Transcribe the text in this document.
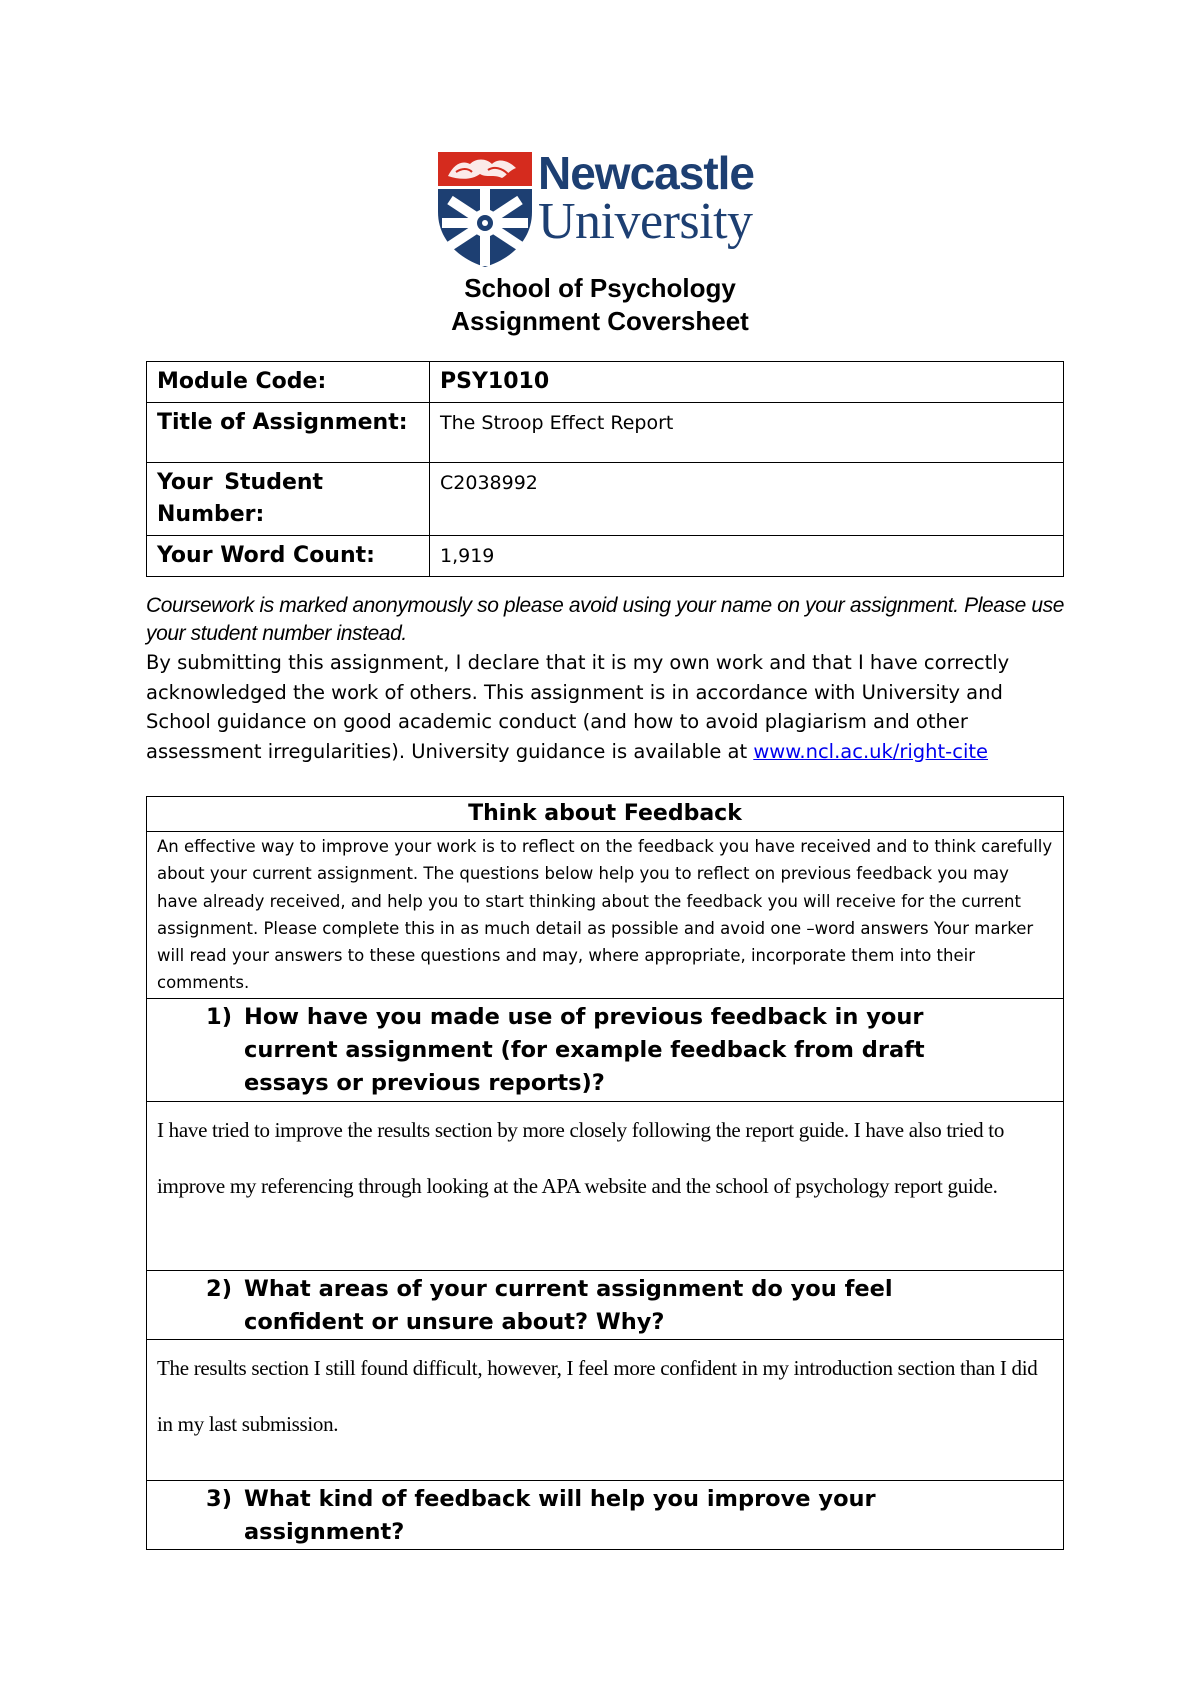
Newcastle
University
School of Psychology
Assignment Coversheet
Module Code:	PSY1010
Title of Assignment:	The Stroop Effect Report
Your Student Number:	C2038992
Your Word Count:	1,919
Coursework is marked anonymously so please avoid using your name on your assignment. Please use your student number instead.
By submitting this assignment, I declare that it is my own work and that I have correctly acknowledged the work of others. This assignment is in accordance with University and School guidance on good academic conduct (and how to avoid plagiarism and other assessment irregularities). University guidance is available at www.ncl.ac.uk/right-cite
Think about Feedback
An effective way to improve your work is to reflect on the feedback you have received and to think carefully about your current assignment. The questions below help you to reflect on previous feedback you may have already received, and help you to start thinking about the feedback you will receive for the current assignment. Please complete this in as much detail as possible and avoid one –word answers Your marker will read your answers to these questions and may, where appropriate, incorporate them into their comments.
1) How have you made use of previous feedback in your current assignment (for example feedback from draft essays or previous reports)?
I have tried to improve the results section by more closely following the report guide. I have also tried to improve my referencing through looking at the APA website and the school of psychology report guide.
2) What areas of your current assignment do you feel confident or unsure about? Why?
The results section I still found difficult, however, I feel more confident in my introduction section than I did in my last submission.
3) What kind of feedback will help you improve your assignment?
